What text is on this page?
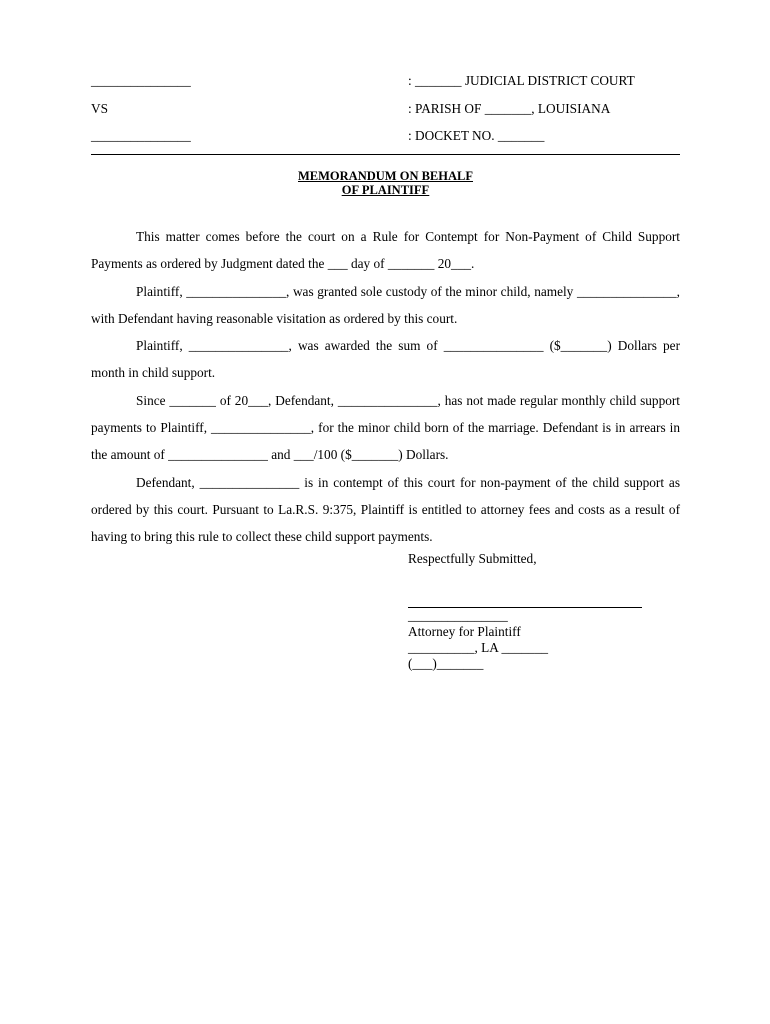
_______________	: _______ JUDICIAL DISTRICT COURT
VS	: PARISH OF _______, LOUISIANA
_______________	: DOCKET NO. _______
MEMORANDUM ON BEHALF
OF PLAINTIFF

This matter comes before the court on a Rule for Contempt for Non-Payment of Child Support Payments as ordered by Judgment dated the ___ day of _______ 20___.

Plaintiff, _______________, was granted sole custody of the minor child, namely _______________, with Defendant having reasonable visitation as ordered by this court.

Plaintiff, _______________, was awarded the sum of _______________ ($_______) Dollars per month in child support.

Since _______ of 20___, Defendant, _______________, has not made regular monthly child support payments to Plaintiff, _______________, for the minor child born of the marriage. Defendant is in arrears in the amount of _______________ and ___/100 ($_______) Dollars.

Defendant, _______________ is in contempt of this court for non-payment of the child support as ordered by this court. Pursuant to La.R.S. 9:375, Plaintiff is entitled to attorney fees and costs as a result of having to bring this rule to collect these child support payments.

Respectfully Submitted,
_______________
Attorney for Plaintiff
__________, LA _______
(___)_______
